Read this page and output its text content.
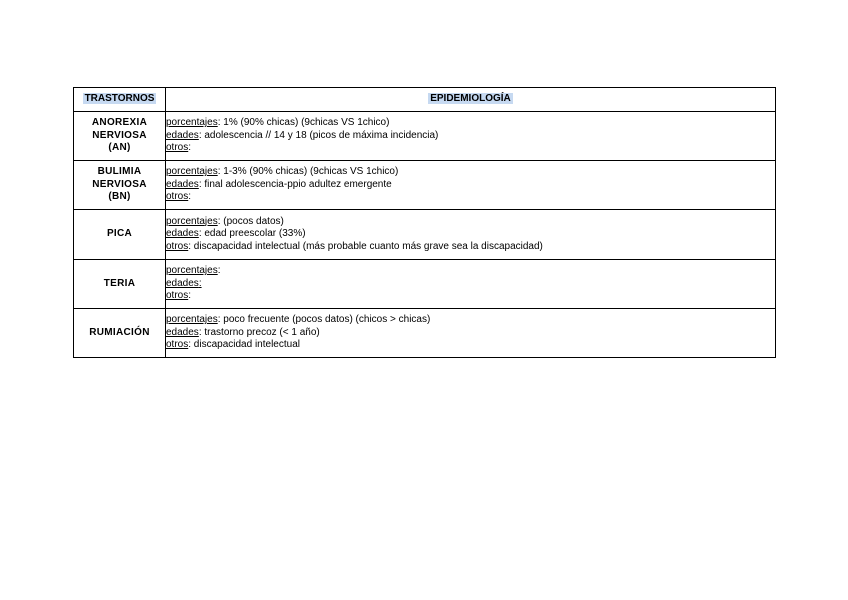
TRASTORNOS	EPIDEMIOLOGÍA

ANOREXIA
NERVIOSA
(AN)	porcentajes: 1% (90% chicas) (9chicas VS 1chico)
edades: adolescencia // 14 y 18 (picos de máxima incidencia)
otros:

BULIMIA
NERVIOSA
(BN)	porcentajes: 1-3% (90% chicas) (9chicas VS 1chico)
edades: final adolescencia-ppio adultez emergente
otros:

PICA	porcentajes: (pocos datos)
edades: edad preescolar (33%)
otros: discapacidad intelectual (más probable cuanto más grave sea la discapacidad)

TERIA	porcentajes:
edades:
otros:

RUMIACIÓN	porcentajes: poco frecuente (pocos datos) (chicos > chicas)
edades: trastorno precoz (< 1 año)
otros: discapacidad intelectual
